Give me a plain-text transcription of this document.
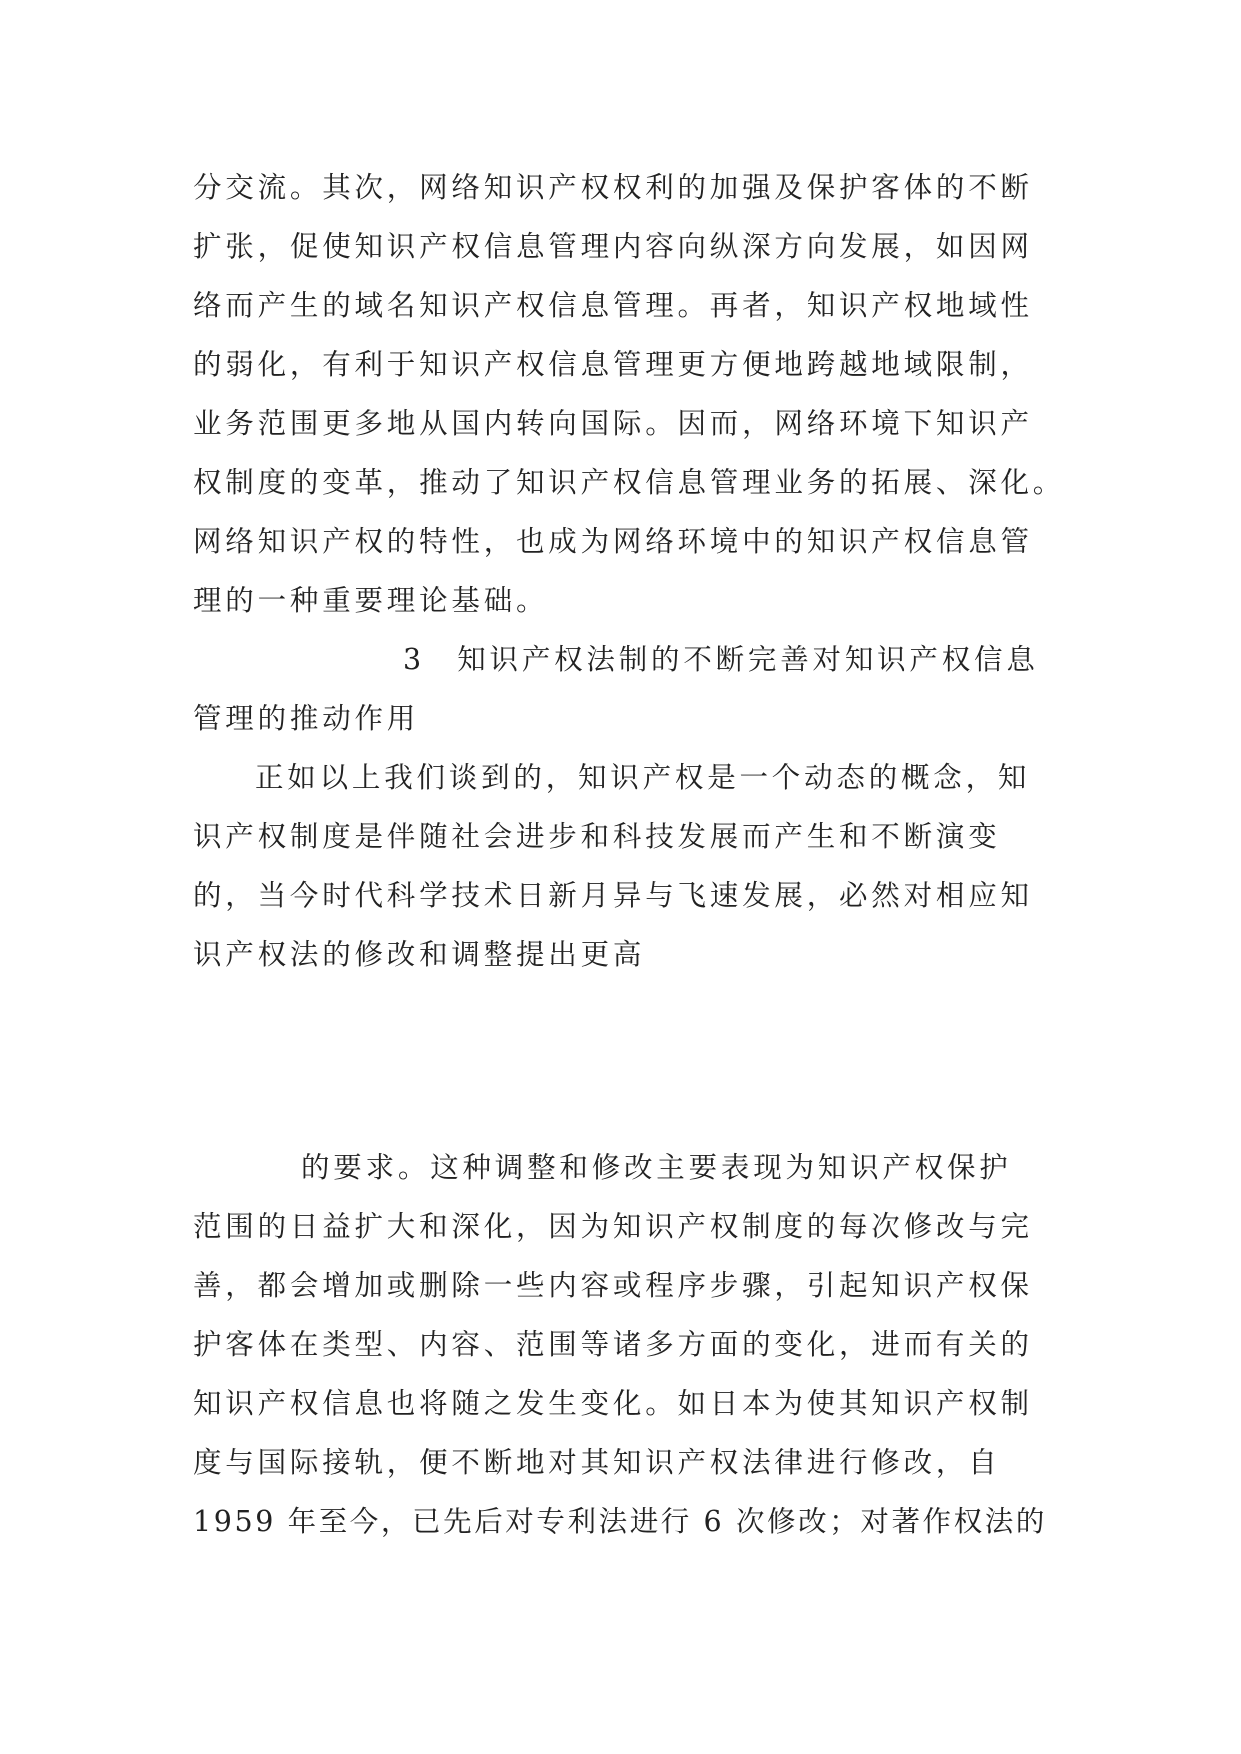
分交流。其次，网络知识产权权利的加强及保护客体的不断
扩张，促使知识产权信息管理内容向纵深方向发展，如因网
络而产生的域名知识产权信息管理。再者，知识产权地域性
的弱化，有利于知识产权信息管理更方便地跨越地域限制，
业务范围更多地从国内转向国际。因而，网络环境下知识产
权制度的变革，推动了知识产权信息管理业务的拓展、深化。
网络知识产权的特性，也成为网络环境中的知识产权信息管
理的一种重要理论基础。
3　知识产权法制的不断完善对知识产权信息
管理的推动作用
正如以上我们谈到的，知识产权是一个动态的概念，知
识产权制度是伴随社会进步和科技发展而产生和不断演变
的，当今时代科学技术日新月异与飞速发展，必然对相应知
识产权法的修改和调整提出更高
的要求。这种调整和修改主要表现为知识产权保护
范围的日益扩大和深化，因为知识产权制度的每次修改与完
善，都会增加或删除一些内容或程序步骤，引起知识产权保
护客体在类型、内容、范围等诸多方面的变化，进而有关的
知识产权信息也将随之发生变化。如日本为使其知识产权制
度与国际接轨，便不断地对其知识产权法律进行修改，自
1959 年至今，已先后对专利法进行 6 次修改；对著作权法的
